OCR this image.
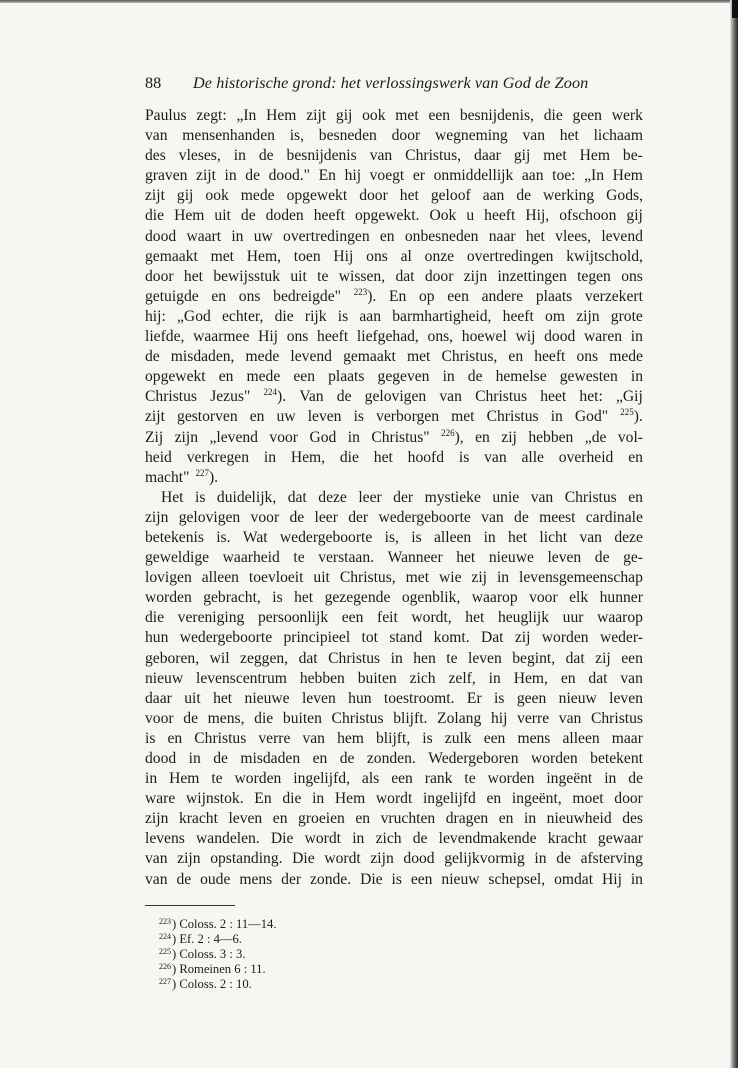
88	De historische grond: het verlossingswerk van God de Zoon
Paulus zegt: „In Hem zijt gij ook met een besnijdenis, die geen werk
van mensenhanden is, besneden door wegneming van het lichaam
des vleses, in de besnijdenis van Christus, daar gij met Hem be-
graven zijt in de dood." En hij voegt er onmiddellijk aan toe: „In Hem
zijt gij ook mede opgewekt door het geloof aan de werking Gods,
die Hem uit de doden heeft opgewekt. Ook u heeft Hij, ofschoon gij
dood waart in uw overtredingen en onbesneden naar het vlees, levend
gemaakt met Hem, toen Hij ons al onze overtredingen kwijtschold,
door het bewijsstuk uit te wissen, dat door zijn inzettingen tegen ons
getuigde en ons bedreigde" $^{223}$). En op een andere plaats verzekert
hij: „God echter, die rijk is aan barmhartigheid, heeft om zijn grote
liefde, waarmee Hij ons heeft liefgehad, ons, hoewel wij dood waren in
de misdaden, mede levend gemaakt met Christus, en heeft ons mede
opgewekt en mede een plaats gegeven in de hemelse gewesten in
Christus Jezus" $^{224}$). Van de gelovigen van Christus heet het: „Gij
zijt gestorven en uw leven is verborgen met Christus in God" $^{225}$).
Zij zijn „levend voor God in Christus" $^{226}$), en zij hebben „de vol-
heid verkregen in Hem, die het hoofd is van alle overheid en
macht" $^{227}$).
Het is duidelijk, dat deze leer der mystieke unie van Christus en
zijn gelovigen voor de leer der wedergeboorte van de meest cardinale
betekenis is. Wat wedergeboorte is, is alleen in het licht van deze
geweldige waarheid te verstaan. Wanneer het nieuwe leven de ge-
lovigen alleen toevloeit uit Christus, met wie zij in levensgemeenschap
worden gebracht, is het gezegende ogenblik, waarop voor elk hunner
die vereniging persoonlijk een feit wordt, het heuglijk uur waarop
hun wedergeboorte principieel tot stand komt. Dat zij worden weder-
geboren, wil zeggen, dat Christus in hen te leven begint, dat zij een
nieuw levenscentrum hebben buiten zich zelf, in Hem, en dat van
daar uit het nieuwe leven hun toestroomt. Er is geen nieuw leven
voor de mens, die buiten Christus blijft. Zolang hij verre van Christus
is en Christus verre van hem blijft, is zulk een mens alleen maar
dood in de misdaden en de zonden. Wedergeboren worden betekent
in Hem te worden ingelijfd, als een rank te worden ingeënt in de
ware wijnstok. En die in Hem wordt ingelijfd en ingeënt, moet door
zijn kracht leven en groeien en vruchten dragen en in nieuwheid des
levens wandelen. Die wordt in zich de levendmakende kracht gewaar
van zijn opstanding. Die wordt zijn dood gelijkvormig in de afsterving
van de oude mens der zonde. Die is een nieuw schepsel, omdat Hij in
$^{223}$) Coloss. 2 : 11—14.
$^{224}$) Ef. 2 : 4—6.
$^{225}$) Coloss. 3 : 3.
$^{226}$) Romeinen 6 : 11.
$^{227}$) Coloss. 2 : 10.
